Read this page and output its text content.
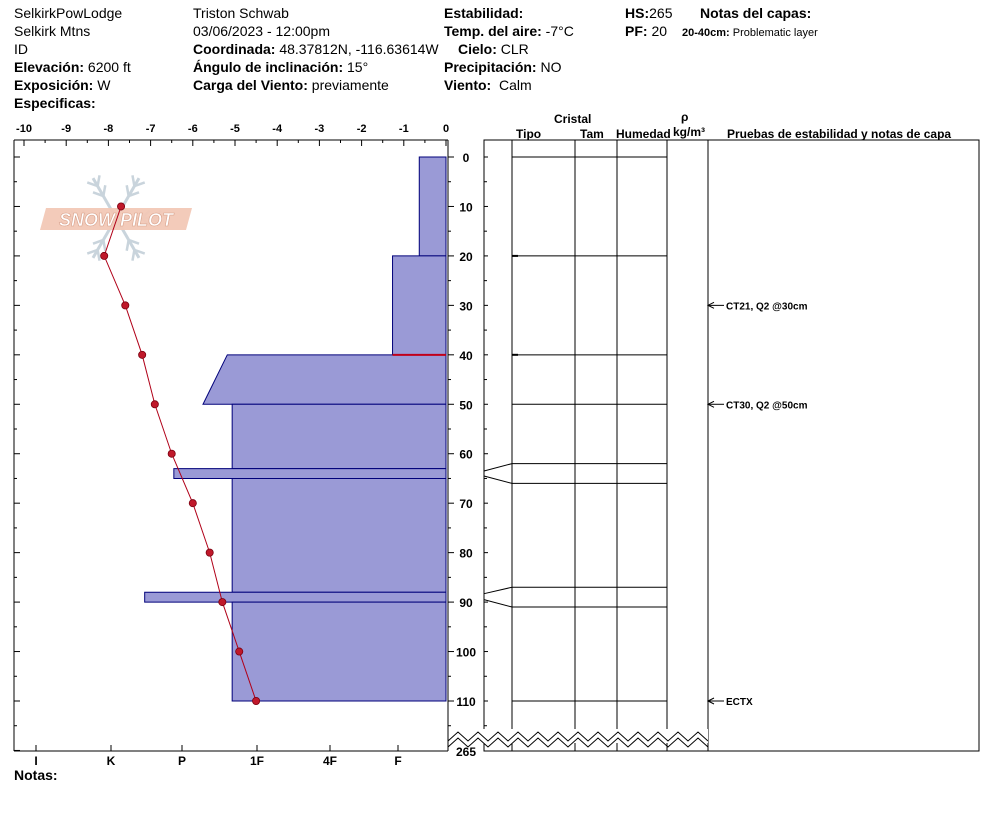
SelkirkPowLodge
Selkirk Mtns
ID
Elevación: 6200 ft
Exposición: W
Especificas:
Triston Schwab
03/06/2023 - 12:00pm
Coordinada: 48.37812N, -116.63614W
Ángulo de inclinación: 15°
Carga del Viento: previamente
Estabilidad:
Temp. del aire: -7°C
Cielo: CLR
Precipitación: NO
Viento: Calm
HS:265
PF: 20
Notas del capas:
20-40cm: Problematic layer
Notas:
Cristal
Tipo	Tam Humedad
ρ
kg/m³ Pruebas de estabilidad y notas de capa
SNOW PILOT
-10	-9	-8	-7	-6	-5	-4	-3	-2	-1	0
I	K	P	1F	4F	F
0
10
20
30
40
50
60
70
80
90
100
110
265
CT21, Q2 @30cm
CT30, Q2 @50cm
ECTX
